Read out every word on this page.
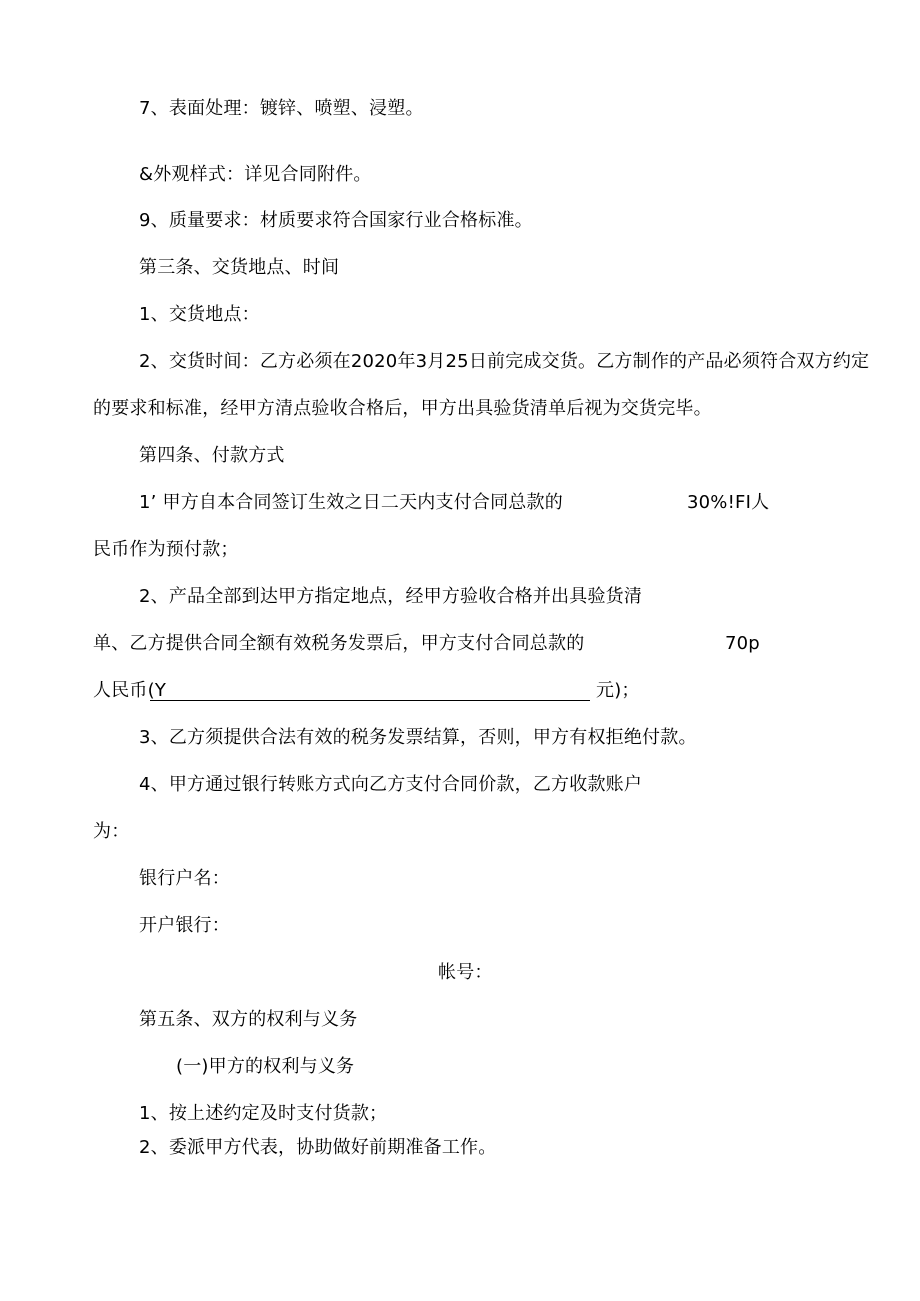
7、表面处理：镀锌、喷塑、浸塑。
&外观样式：详见合同附件。
9、质量要求：材质要求符合国家行业合格标准。
第三条、交货地点、时间
1、交货地点：
2、交货时间：乙方必须在2020年3月25日前完成交货。乙方制作的产品必须符合双方约定
的要求和标准，经甲方清点验收合格后，甲方出具验货清单后视为交货完毕。
第四条、付款方式
1’ 甲方自本合同签订生效之日二天内支付合同总款的	30%!FI人
民币作为预付款；
2、产品全部到达甲方指定地点，经甲方验收合格并出具验货清
单、乙方提供合同全额有效税务发票后，甲方支付合同总款的	70p
人民币(Y	元)；
3、乙方须提供合法有效的税务发票结算，否则，甲方有权拒绝付款。
4、甲方通过银行转账方式向乙方支付合同价款，乙方收款账户
为：
银行户名：
开户银行：
帐号：
第五条、双方的权利与义务
(一)甲方的权利与义务
1、按上述约定及时支付货款；
2、委派甲方代表，协助做好前期准备工作。
